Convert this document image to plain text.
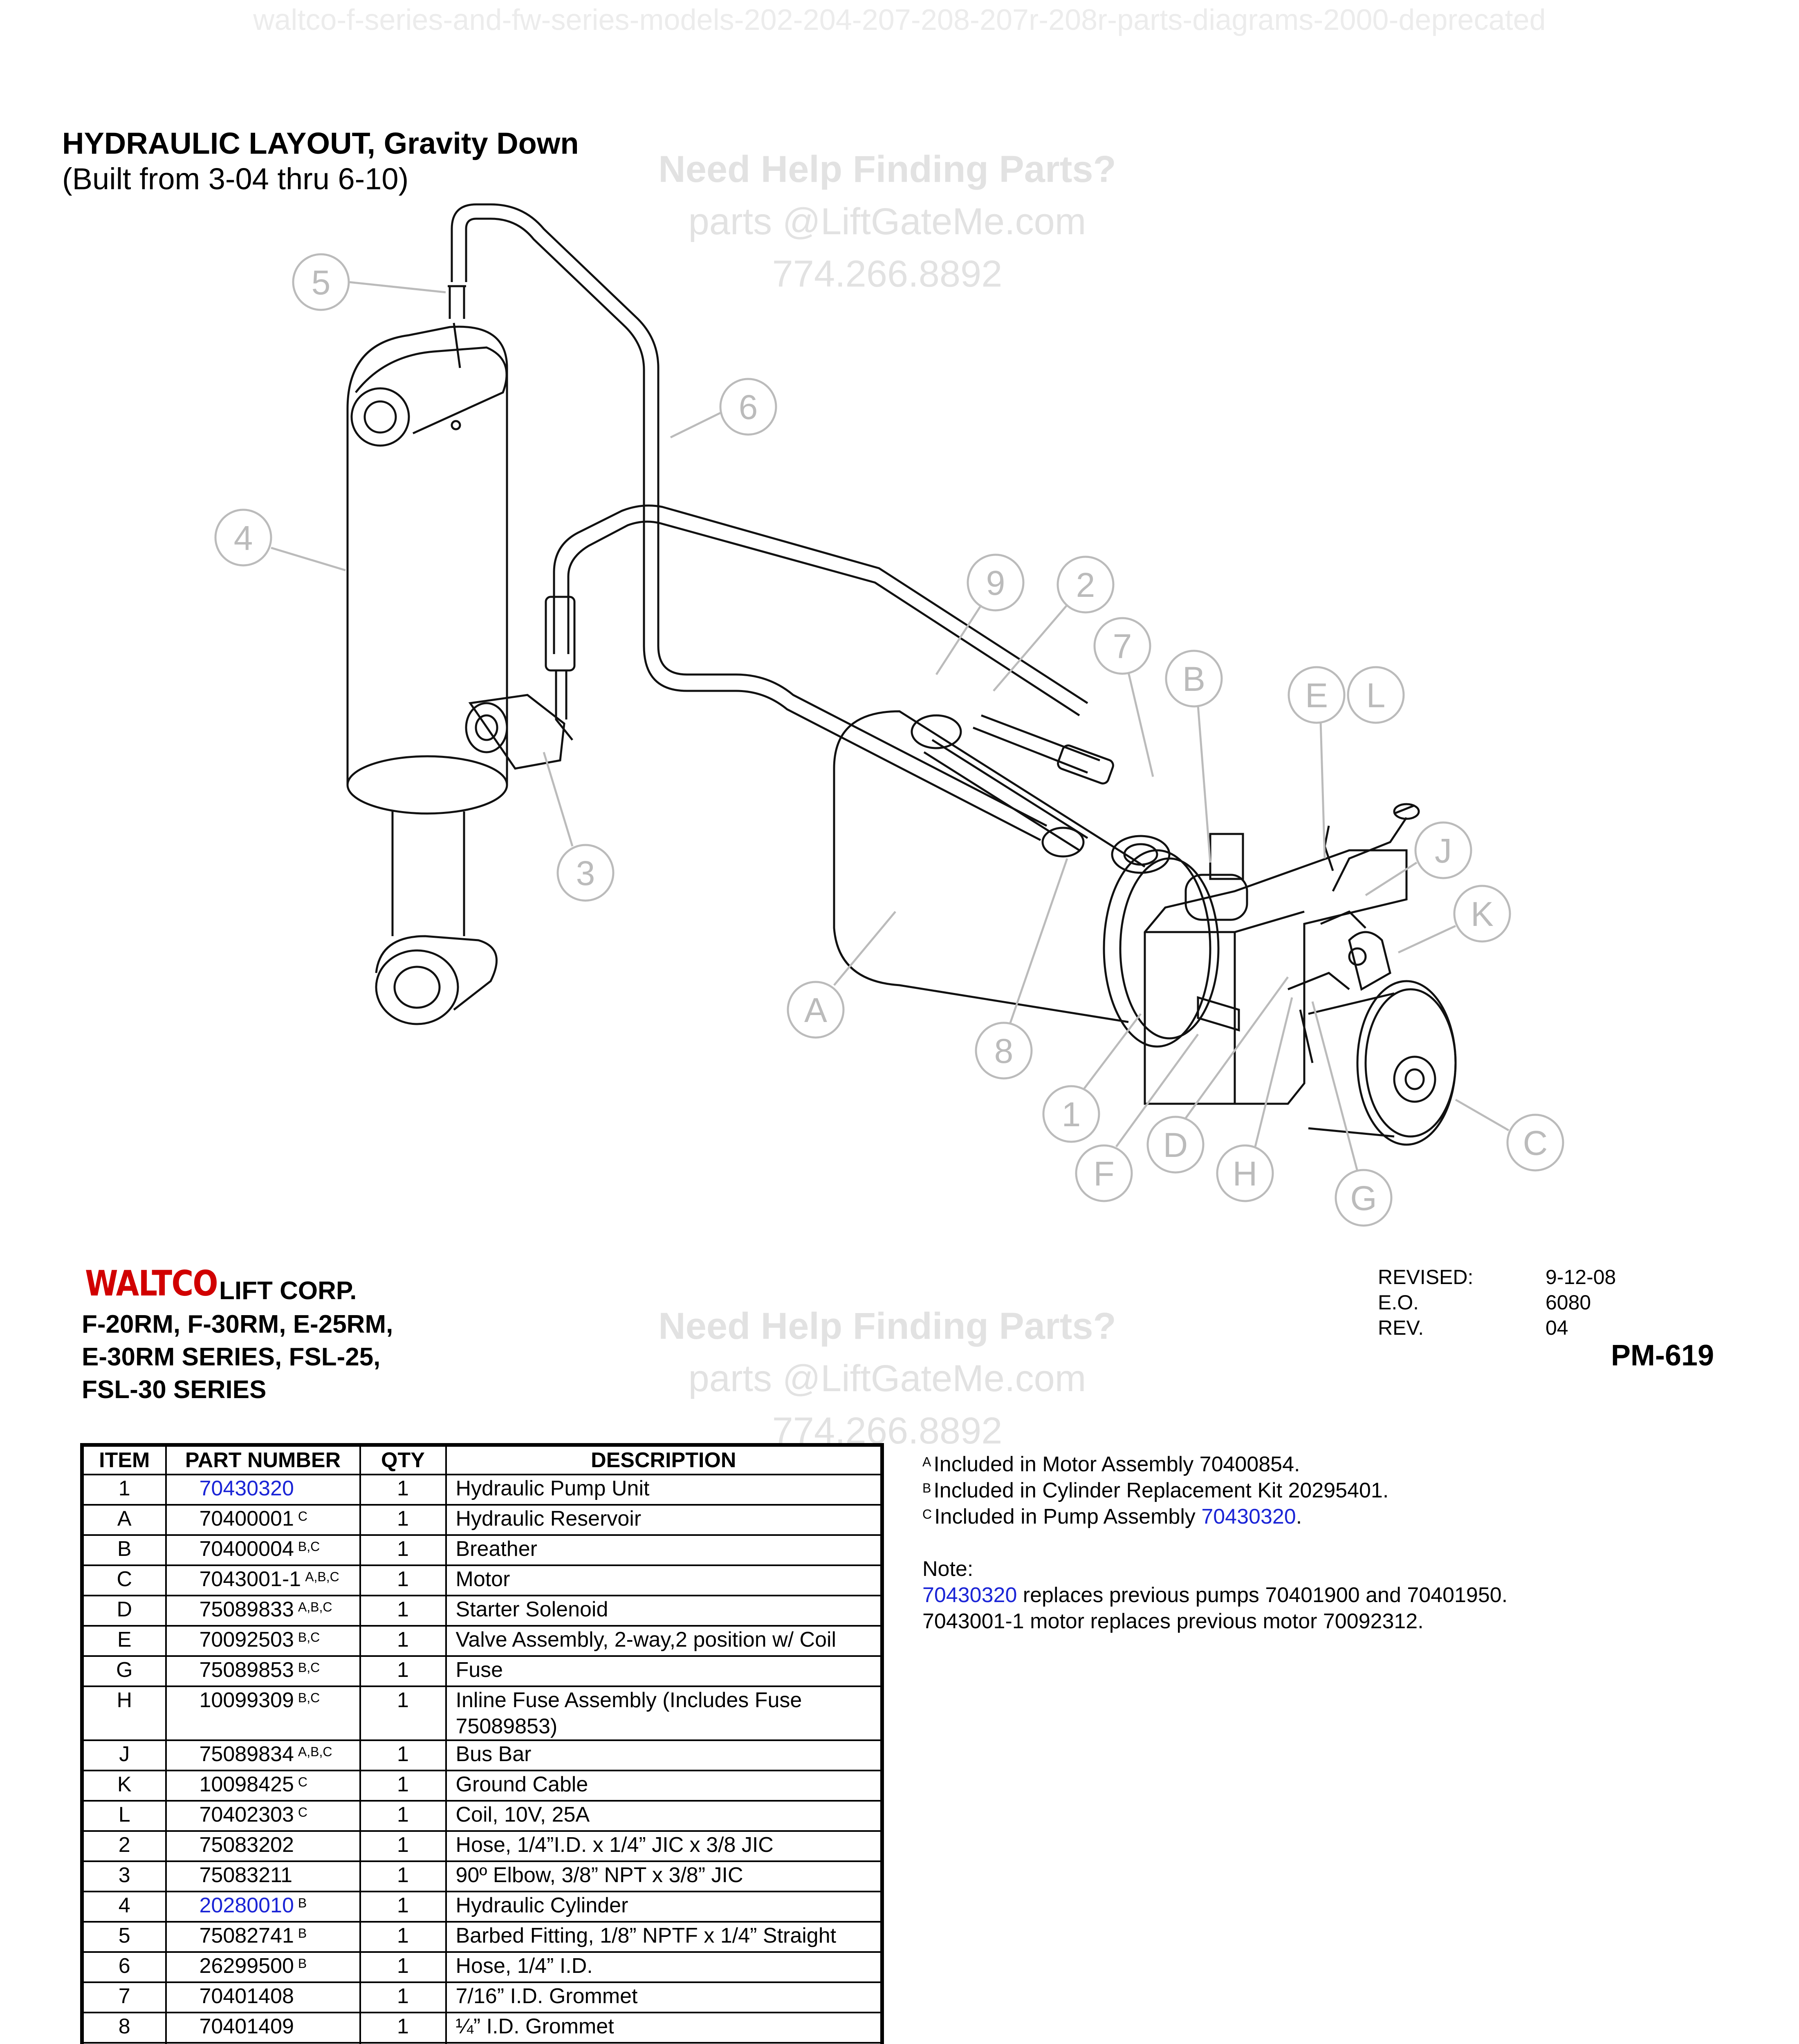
waltco-f-series-and-fw-series-models-202-204-207-208-207r-208r-parts-diagrams-2000-deprecated
HYDRAULIC LAYOUT, Gravity Down
(Built from 3-04 thru 6-10)	Need Help Finding Parts?
parts @LiftGateMe.com
774.266.8892
5
6
4
3
9 2
7
B	E L
J
K
A
8
1
F
D
H
G
C
WALTCO LIFT CORP.
F-20RM, F-30RM, E-25RM,
E-30RM SERIES, FSL-25,
FSL-30 SERIES
Need Help Finding Parts?
parts @LiftGateMe.com
774.266.8892
REVISED:	9-12-08
E.O.	6080
REV.	04
PM-619
ITEM	PART NUMBER	QTY	DESCRIPTION
1	70430320	1	Hydraulic Pump Unit
A	70400001 $^C$	1	Hydraulic Reservoir
B	70400004 $^{B,C}$	1	Breather
C	7043001-1 $^{A,B,C}$	1	Motor
D	75089833 $^{A,B,C}$	1	Starter Solenoid
E	70092503 $^{B,C}$	1	Valve Assembly, 2-way,2 position w/ Coil
G	75089853 $^{B,C}$	1	Fuse
H	10099309 $^{B,C}$	1	Inline Fuse Assembly (Includes Fuse 75089853)
J	75089834 $^{A,B,C}$	1	Bus Bar
K	10098425 $^C$	1	Ground Cable
L	70402303 $^C$	1	Coil, 10V, 25A
2	75083202	1	Hose, 1/4”I.D. x 1/4” JIC x 3/8 JIC
3	75083211	1	90º Elbow, 3/8” NPT x 3/8” JIC
4	20280010 $^B$	1	Hydraulic Cylinder
5	75082741 $^B$	1	Barbed Fitting, 1/8” NPTF x 1/4” Straight
6	26299500 $^B$	1	Hose, 1/4” I.D.
7	70401408	1	7/16” I.D. Grommet
8	70401409	1	¼” I.D. Grommet

$^A$ Included in Motor Assembly 70400854.
$^B$ Included in Cylinder Replacement Kit 20295401.
$^C$ Included in Pump Assembly 70430320.
Note:
70430320 replaces previous pumps 70401900 and 70401950.
7043001-1 motor replaces previous motor 70092312.
